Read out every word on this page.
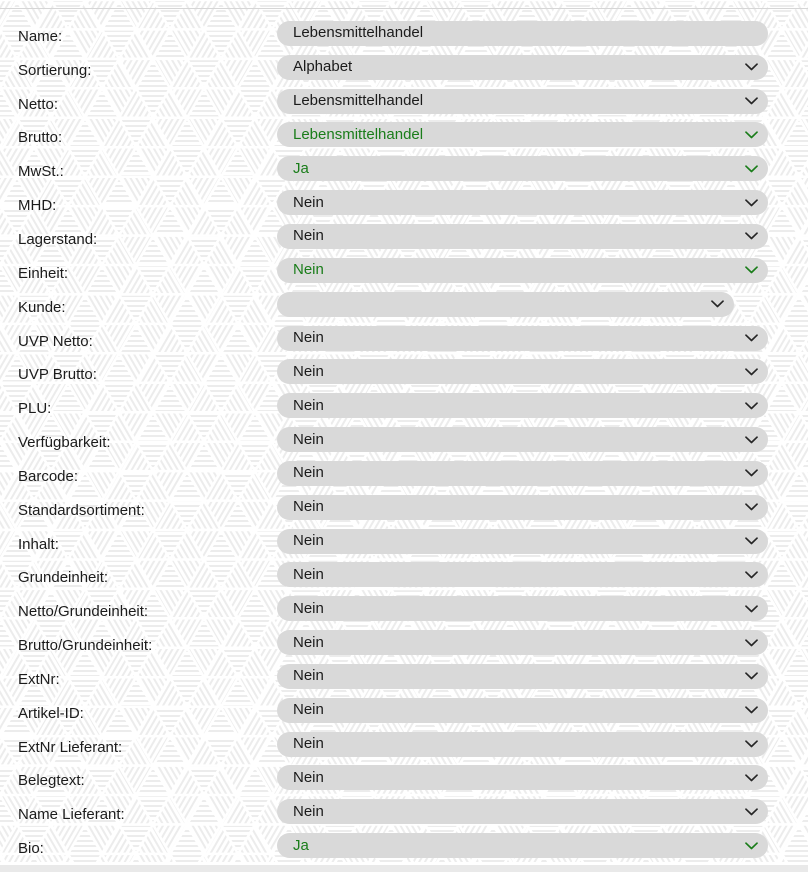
Name:	Lebensmittelhandel
Sortierung:	Alphabet
Netto:	Lebensmittelhandel
Brutto:	Lebensmittelhandel
MwSt.:	Ja
MHD:	Nein
Lagerstand:	Nein
Einheit:	Nein
Kunde:
UVP Netto:	Nein
UVP Brutto:	Nein
PLU:	Nein
Verfügbarkeit:	Nein
Barcode:	Nein
Standardsortiment:	Nein
Inhalt:	Nein
Grundeinheit:	Nein
Netto/Grundeinheit:	Nein
Brutto/Grundeinheit:	Nein
ExtNr:	Nein
Artikel-ID:	Nein
ExtNr Lieferant:	Nein
Belegtext:	Nein
Name Lieferant:	Nein
Bio:	Ja
